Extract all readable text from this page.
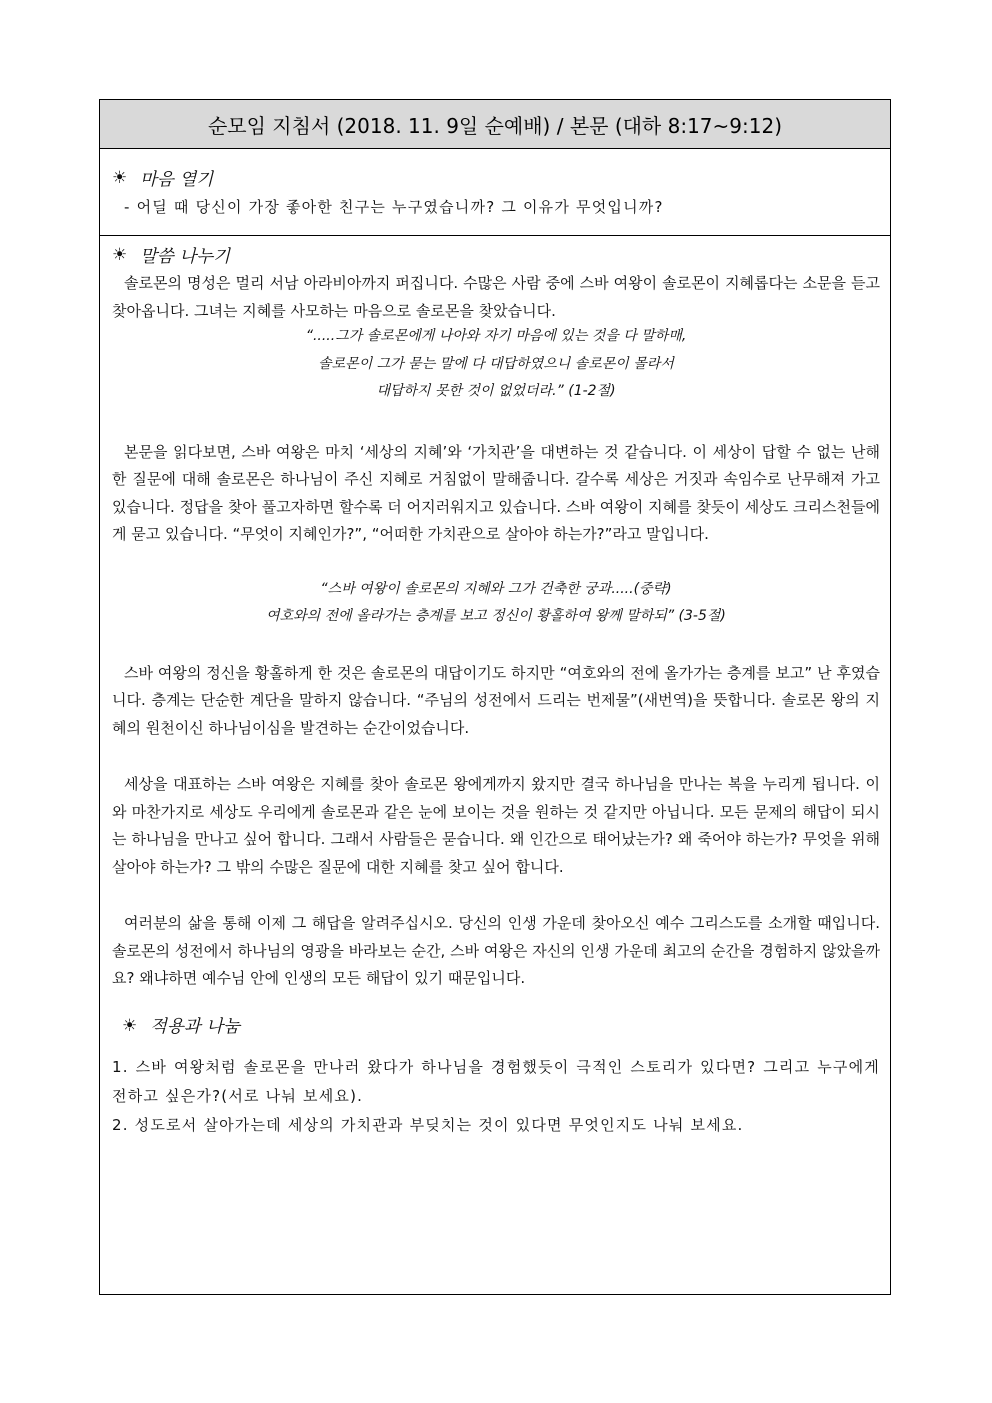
순모임 지침서 (2018. 11. 9일 순예배) / 본문 (대하 8:17~9:12)
☀ 마음 열기
- 어딜 때 당신이 가장 좋아한 친구는 누구였습니까? 그 이유가 무엇입니까?
☀ 말씀 나누기

솔로몬의 명성은 멀리 서남 아라비아까지 퍼집니다. 수많은 사람 중에 스바 여왕이 솔로몬이 지혜롭다는 소문을 듣고 찾아옵니다. 그녀는 지혜를 사모하는 마음으로 솔로몬을 찾았습니다.

“.....그가 솔로몬에게 나아와 자기 마음에 있는 것을 다 말하매,
솔로몬이 그가 묻는 말에 다 대답하였으니 솔로몬이 몰라서
대답하지 못한 것이 없었더라.” (1-2절)

본문을 읽다보면, 스바 여왕은 마치 ‘세상의 지혜’와 ‘가치관’을 대변하는 것 같습니다. 이 세상이 답할 수 없는 난해한 질문에 대해 솔로몬은 하나님이 주신 지혜로 거침없이 말해줍니다. 갈수록 세상은 거짓과 속임수로 난무해져 가고 있습니다. 정답을 찾아 풀고자하면 할수록 더 어지러워지고 있습니다. 스바 여왕이 지혜를 찾듯이 세상도 크리스천들에게 묻고 있습니다. “무엇이 지혜인가?”, “어떠한 가치관으로 살아야 하는가?”라고 말입니다.

“스바 여왕이 솔로몬의 지혜와 그가 건축한 궁과.....(중략)
여호와의 전에 올라가는 층계를 보고 정신이 황홀하여 왕께 말하되” (3-5절)

스바 여왕의 정신을 황홀하게 한 것은 솔로몬의 대답이기도 하지만 “여호와의 전에 올가가는 층계를 보고” 난 후였습니다. 층계는 단순한 계단을 말하지 않습니다. “주님의 성전에서 드리는 번제물”(새번역)을 뜻합니다. 솔로몬 왕의 지혜의 원천이신 하나님이심을 발견하는 순간이었습니다.

세상을 대표하는 스바 여왕은 지혜를 찾아 솔로몬 왕에게까지 왔지만 결국 하나님을 만나는 복을 누리게 됩니다. 이와 마찬가지로 세상도 우리에게 솔로몬과 같은 눈에 보이는 것을 원하는 것 같지만 아닙니다. 모든 문제의 해답이 되시는 하나님을 만나고 싶어 합니다. 그래서 사람들은 묻습니다. 왜 인간으로 태어났는가? 왜 죽어야 하는가? 무엇을 위해 살아야 하는가? 그 밖의 수많은 질문에 대한 지혜를 찾고 싶어 합니다.

여러분의 삶을 통해 이제 그 해답을 알려주십시오. 당신의 인생 가운데 찾아오신 예수 그리스도를 소개할 때입니다. 솔로몬의 성전에서 하나님의 영광을 바라보는 순간, 스바 여왕은 자신의 인생 가운데 최고의 순간을 경험하지 않았을까요? 왜냐하면 예수님 안에 인생의 모든 해답이 있기 때문입니다.

☀ 적용과 나눔

1. 스바 여왕처럼 솔로몬을 만나러 왔다가 하나님을 경험했듯이 극적인 스토리가 있다면? 그리고 누구에게 전하고 싶은가?(서로 나눠 보세요).

2. 성도로서 살아가는데 세상의 가치관과 부딪치는 것이 있다면 무엇인지도 나눠 보세요.
